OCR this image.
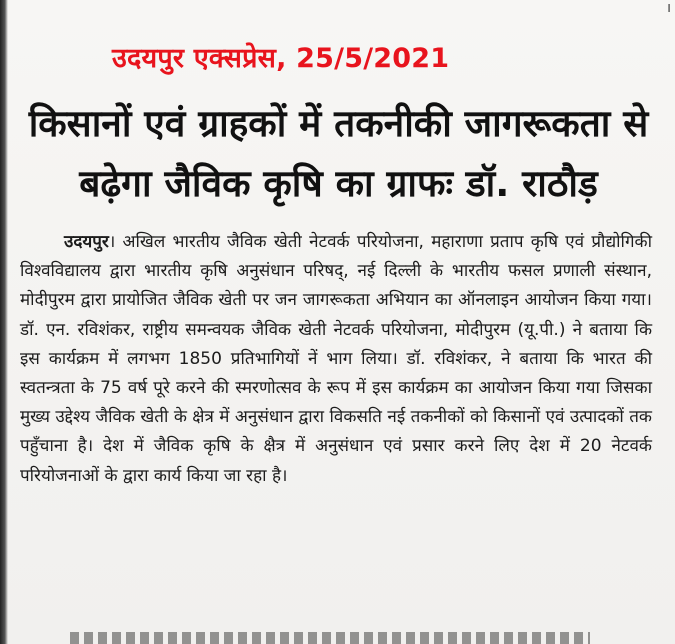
ı
उदयपुर एक्सप्रेस, 25/5/2021
किसानों एवं ग्राहकों में तकनीकी जागरूकता से
बढ़ेगा जैविक कृषि का ग्राफः डॉ. राठौड़
उदयपुर। अखिल भारतीय जैविक खेती नेटवर्क परियोजना, महाराणा प्रताप कृषि एवं प्रौद्योगिकी विश्वविद्यालय द्वारा भारतीय कृषि अनुसंधान परिषद्, नई दिल्ली के भारतीय फसल प्रणाली संस्थान, मोदीपुरम द्वारा प्रायोजित जैविक खेती पर जन जागरूकता अभियान का ऑनलाइन आयोजन किया गया। डॉ. एन. रविशंकर, राष्ट्रीय समन्वयक जैविक खेती नेटवर्क परियोजना, मोदीपुरम (यू.पी.) ने बताया कि इस कार्यक्रम में लगभग 1850 प्रतिभागियों नें भाग लिया। डॉ. रविशंकर, ने बताया कि भारत की स्वतन्त्रता के 75 वर्ष पूरे करने की स्मरणोत्सव के रूप में इस कार्यक्रम का आयोजन किया गया जिसका मुख्य उद्देश्य जैविक खेती के क्षेत्र में अनुसंधान द्वारा विकसति नई तकनीकों को किसानों एवं उत्पादकों तक पहुँचाना है। देश में जैविक कृषि के क्षैत्र में अनुसंधान एवं प्रसार करने लिए देश में 20 नेटवर्क परियोजनाओं के द्वारा कार्य किया जा रहा है।
